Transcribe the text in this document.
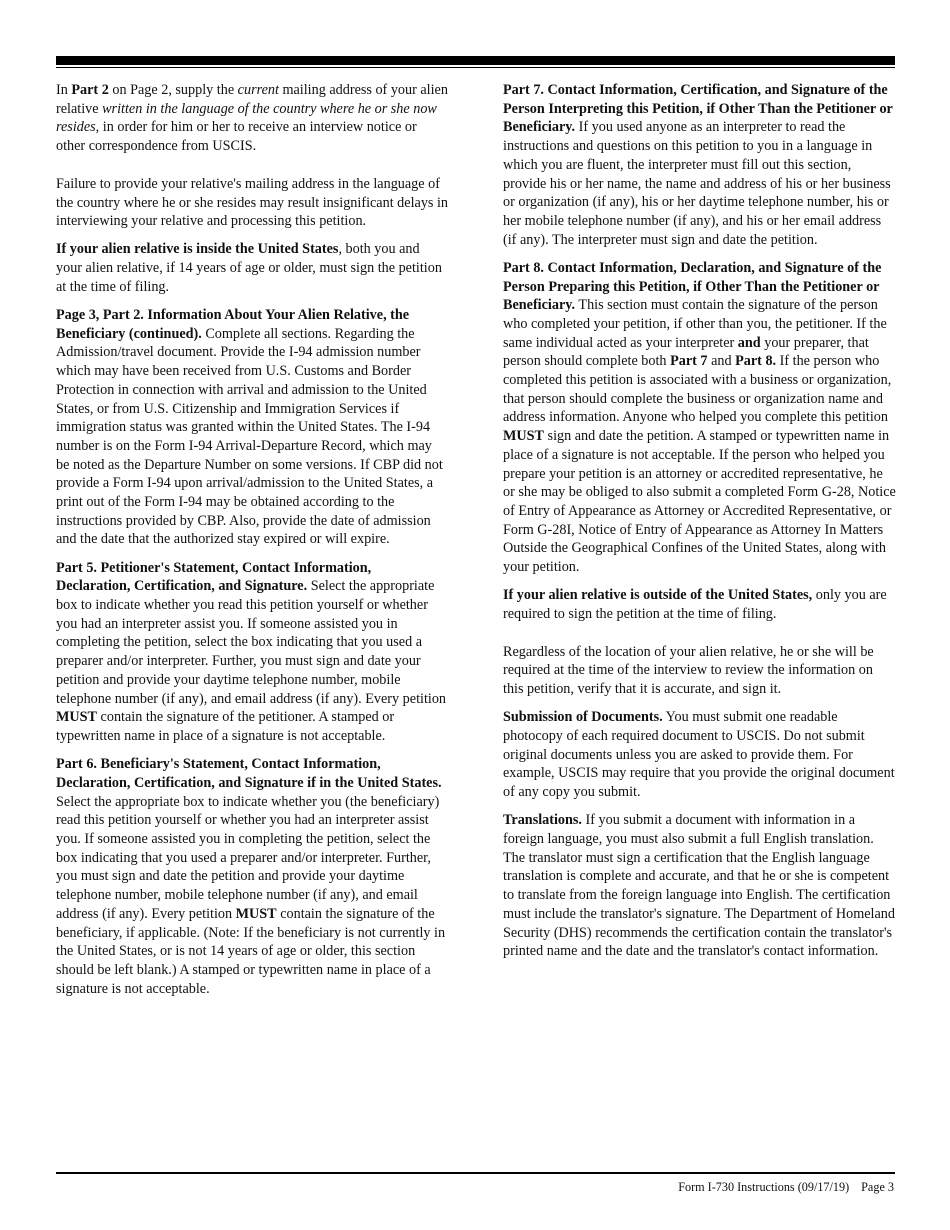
In Part 2 on Page 2, supply the current mailing address of your alien relative written in the language of the country where he or she now resides, in order for him or her to receive an interview notice or other correspondence from USCIS.

Failure to provide your relative's mailing address in the language of the country where he or she resides may result insignificant delays in interviewing your relative and processing this petition.

If your alien relative is inside the United States, both you and your alien relative, if 14 years of age or older, must sign the petition at the time of filing.

Page 3, Part 2. Information About Your Alien Relative, the Beneficiary (continued). Complete all sections. Regarding the Admission/travel document. Provide the I-94 admission number which may have been received from U.S. Customs and Border Protection in connection with arrival and admission to the United States, or from U.S. Citizenship and Immigration Services if immigration status was granted within the United States. The I-94 number is on the Form I-94 Arrival-Departure Record, which may be noted as the Departure Number on some versions. If CBP did not provide a Form I-94 upon arrival/admission to the United States, a print out of the Form I-94 may be obtained according to the instructions provided by CBP. Also, provide the date of admission and the date that the authorized stay expired or will expire.

Part 5. Petitioner's Statement, Contact Information, Declaration, Certification, and Signature. Select the appropriate box to indicate whether you read this petition yourself or whether you had an interpreter assist you. If someone assisted you in completing the petition, select the box indicating that you used a preparer and/or interpreter. Further, you must sign and date your petition and provide your daytime telephone number, mobile telephone number (if any), and email address (if any). Every petition MUST contain the signature of the petitioner. A stamped or typewritten name in place of a signature is not acceptable.

Part 6. Beneficiary's Statement, Contact Information, Declaration, Certification, and Signature if in the United States. Select the appropriate box to indicate whether you (the beneficiary) read this petition yourself or whether you had an interpreter assist you. If someone assisted you in completing the petition, select the box indicating that you used a preparer and/or interpreter. Further, you must sign and date the petition and provide your daytime telephone number, mobile telephone number (if any), and email address (if any). Every petition MUST contain the signature of the beneficiary, if applicable. (Note: If the beneficiary is not currently in the United States, or is not 14 years of age or older, this section should be left blank.) A stamped or typewritten name in place of a signature is not acceptable.

Part 7. Contact Information, Certification, and Signature of the Person Interpreting this Petition, if Other Than the Petitioner or Beneficiary. If you used anyone as an interpreter to read the instructions and questions on this petition to you in a language in which you are fluent, the interpreter must fill out this section, provide his or her name, the name and address of his or her business or organization (if any), his or her daytime telephone number, his or her mobile telephone number (if any), and his or her email address (if any). The interpreter must sign and date the petition.

Part 8. Contact Information, Declaration, and Signature of the Person Preparing this Petition, if Other Than the Petitioner or Beneficiary. This section must contain the signature of the person who completed your petition, if other than you, the petitioner. If the same individual acted as your interpreter and your preparer, that person should complete both Part 7 and Part 8. If the person who completed this petition is associated with a business or organization, that person should complete the business or organization name and address information. Anyone who helped you complete this petition MUST sign and date the petition. A stamped or typewritten name in place of a signature is not acceptable. If the person who helped you prepare your petition is an attorney or accredited representative, he or she may be obliged to also submit a completed Form G-28, Notice of Entry of Appearance as Attorney or Accredited Representative, or Form G-28I, Notice of Entry of Appearance as Attorney In Matters Outside the Geographical Confines of the United States, along with your petition.

If your alien relative is outside of the United States, only you are required to sign the petition at the time of filing.

Regardless of the location of your alien relative, he or she will be required at the time of the interview to review the information on this petition, verify that it is accurate, and sign it.

Submission of Documents. You must submit one readable photocopy of each required document to USCIS. Do not submit original documents unless you are asked to provide them. For example, USCIS may require that you provide the original document of any copy you submit.

Translations. If you submit a document with information in a foreign language, you must also submit a full English translation. The translator must sign a certification that the English language translation is complete and accurate, and that he or she is competent to translate from the foreign language into English. The certification must include the translator's signature. The Department of Homeland Security (DHS) recommends the certification contain the translator's printed name and the date and the translator's contact information.

Form I-730 Instructions (09/17/19) Page 3
